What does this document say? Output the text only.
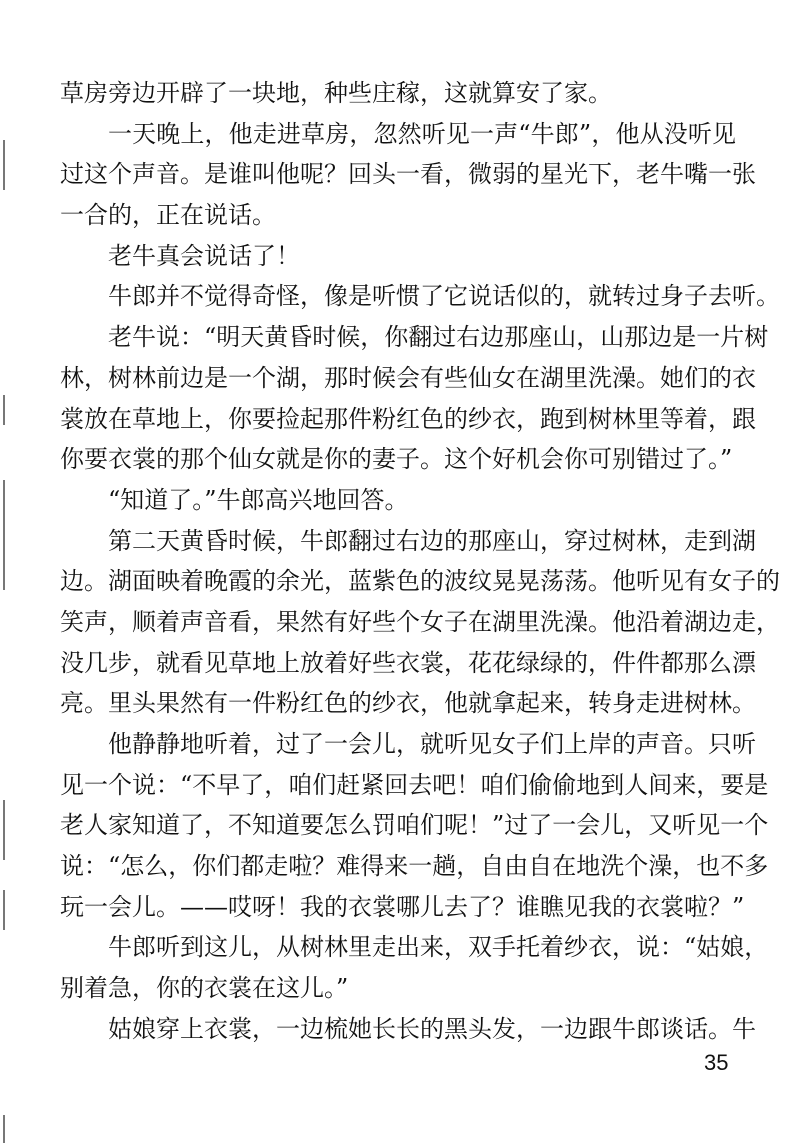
草房旁边开辟了一块地，种些庄稼，这就算安了家。
一天晚上，他走进草房，忽然听见一声“牛郎”，他从没听见
过这个声音。是谁叫他呢？回头一看，微弱的星光下，老牛嘴一张
一合的，正在说话。
老牛真会说话了！
牛郎并不觉得奇怪，像是听惯了它说话似的，就转过身子去听。
老牛说：“明天黄昏时候，你翻过右边那座山，山那边是一片树
林，树林前边是一个湖，那时候会有些仙女在湖里洗澡。她们的衣
裳放在草地上，你要捡起那件粉红色的纱衣，跑到树林里等着，跟
你要衣裳的那个仙女就是你的妻子。这个好机会你可别错过了。”
“知道了。”牛郎高兴地回答。
第二天黄昏时候，牛郎翻过右边的那座山，穿过树林，走到湖
边。湖面映着晚霞的余光，蓝紫色的波纹晃晃荡荡。他听见有女子的
笑声，顺着声音看，果然有好些个女子在湖里洗澡。他沿着湖边走，
没几步，就看见草地上放着好些衣裳，花花绿绿的，件件都那么漂
亮。里头果然有一件粉红色的纱衣，他就拿起来，转身走进树林。
他静静地听着，过了一会儿，就听见女子们上岸的声音。只听
见一个说：“不早了，咱们赶紧回去吧！咱们偷偷地到人间来，要是
老人家知道了，不知道要怎么罚咱们呢！”过了一会儿，又听见一个
说：“怎么，你们都走啦？难得来一趟，自由自在地洗个澡，也不多
玩一会儿。——哎呀！我的衣裳哪儿去了？谁瞧见我的衣裳啦？”
牛郎听到这儿，从树林里走出来，双手托着纱衣，说：“姑娘，
别着急，你的衣裳在这儿。”
姑娘穿上衣裳，一边梳她长长的黑头发，一边跟牛郎谈话。牛
35
